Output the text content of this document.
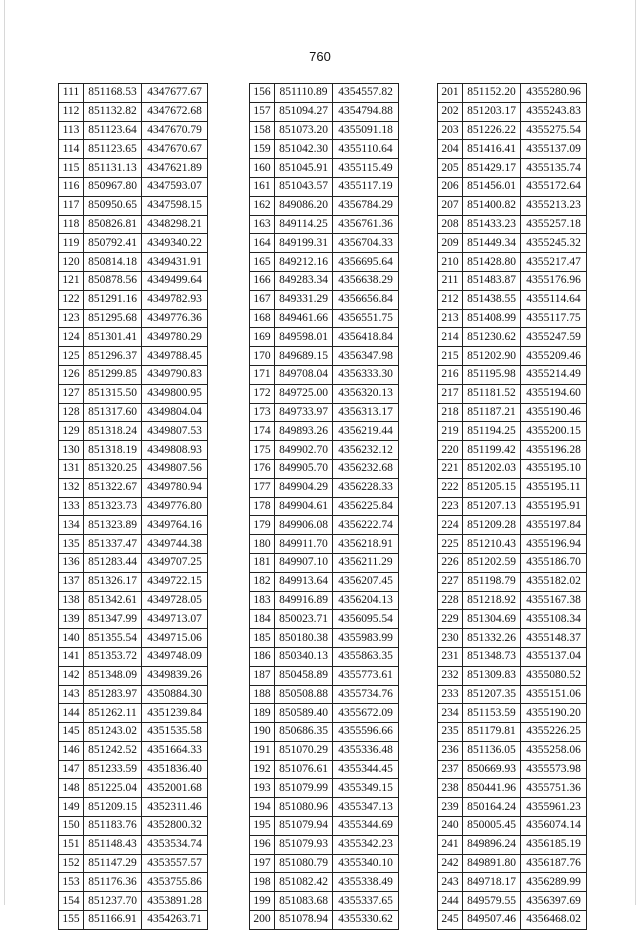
760
111	851168.53	4347677.67
112	851132.82	4347672.68
113	851123.64	4347670.79
114	851123.65	4347670.67
115	851131.13	4347621.89
116	850967.80	4347593.07
117	850950.65	4347598.15
118	850826.81	4348298.21
119	850792.41	4349340.22
120	850814.18	4349431.91
121	850878.56	4349499.64
122	851291.16	4349782.93
123	851295.68	4349776.36
124	851301.41	4349780.29
125	851296.37	4349788.45
126	851299.85	4349790.83
127	851315.50	4349800.95
128	851317.60	4349804.04
129	851318.24	4349807.53
130	851318.19	4349808.93
131	851320.25	4349807.56
132	851322.67	4349780.94
133	851323.73	4349776.80
134	851323.89	4349764.16
135	851337.47	4349744.38
136	851283.44	4349707.25
137	851326.17	4349722.15
138	851342.61	4349728.05
139	851347.99	4349713.07
140	851355.54	4349715.06
141	851353.72	4349748.09
142	851348.09	4349839.26
143	851283.97	4350884.30
144	851262.11	4351239.84
145	851243.02	4351535.58
146	851242.52	4351664.33
147	851233.59	4351836.40
148	851225.04	4352001.68
149	851209.15	4352311.46
150	851183.76	4352800.32
151	851148.43	4353534.74
152	851147.29	4353557.57
153	851176.36	4353755.86
154	851237.70	4353891.28
155	851166.91	4354263.71
156	851110.89	4354557.82
157	851094.27	4354794.88
158	851073.20	4355091.18
159	851042.30	4355110.64
160	851045.91	4355115.49
161	851043.57	4355117.19
162	849086.20	4356784.29
163	849114.25	4356761.36
164	849199.31	4356704.33
165	849212.16	4356695.64
166	849283.34	4356638.29
167	849331.29	4356656.84
168	849461.66	4356551.75
169	849598.01	4356418.84
170	849689.15	4356347.98
171	849708.04	4356333.30
172	849725.00	4356320.13
173	849733.97	4356313.17
174	849893.26	4356219.44
175	849902.70	4356232.12
176	849905.70	4356232.68
177	849904.29	4356228.33
178	849904.61	4356225.84
179	849906.08	4356222.74
180	849911.70	4356218.91
181	849907.10	4356211.29
182	849913.64	4356207.45
183	849916.89	4356204.13
184	850023.71	4356095.54
185	850180.38	4355983.99
186	850340.13	4355863.35
187	850458.89	4355773.61
188	850508.88	4355734.76
189	850589.40	4355672.09
190	850686.35	4355596.66
191	851070.29	4355336.48
192	851076.61	4355344.45
193	851079.99	4355349.15
194	851080.96	4355347.13
195	851079.94	4355344.69
196	851079.93	4355342.23
197	851080.79	4355340.10
198	851082.42	4355338.49
199	851083.68	4355337.65
200	851078.94	4355330.62
201	851152.20	4355280.96
202	851203.17	4355243.83
203	851226.22	4355275.54
204	851416.41	4355137.09
205	851429.17	4355135.74
206	851456.01	4355172.64
207	851400.82	4355213.23
208	851433.23	4355257.18
209	851449.34	4355245.32
210	851428.80	4355217.47
211	851483.87	4355176.96
212	851438.55	4355114.64
213	851408.99	4355117.75
214	851230.62	4355247.59
215	851202.90	4355209.46
216	851195.98	4355214.49
217	851181.52	4355194.60
218	851187.21	4355190.46
219	851194.25	4355200.15
220	851199.42	4355196.28
221	851202.03	4355195.10
222	851205.15	4355195.11
223	851207.13	4355195.91
224	851209.28	4355197.84
225	851210.43	4355196.94
226	851202.59	4355186.70
227	851198.79	4355182.02
228	851218.92	4355167.38
229	851304.69	4355108.34
230	851332.26	4355148.37
231	851348.73	4355137.04
232	851309.83	4355080.52
233	851207.35	4355151.06
234	851153.59	4355190.20
235	851179.81	4355226.25
236	851136.05	4355258.06
237	850669.93	4355573.98
238	850441.96	4355751.36
239	850164.24	4355961.23
240	850005.45	4356074.14
241	849896.24	4356185.19
242	849891.80	4356187.76
243	849718.17	4356289.99
244	849579.55	4356397.69
245	849507.46	4356468.02
